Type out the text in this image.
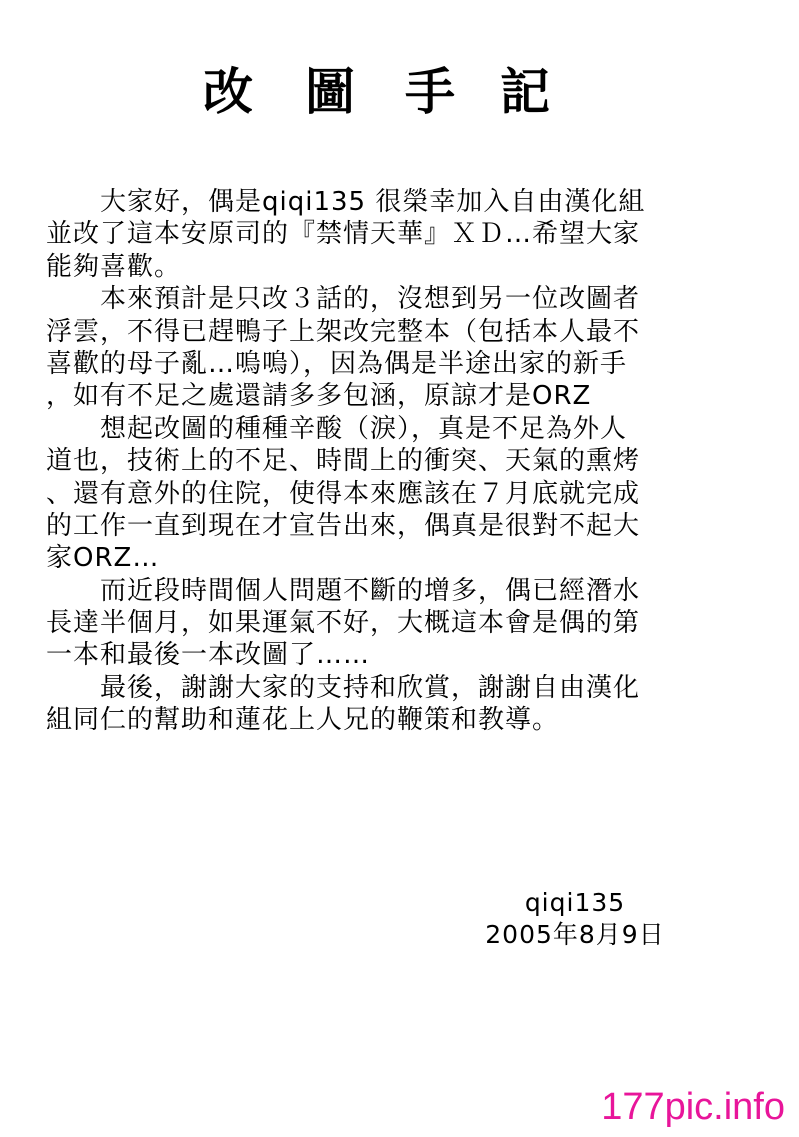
改 圖 手 記
　　大家好，偶是qiqi135 很榮幸加入自由漢化組
並改了這本安原司的『禁情天華』ＸＤ…希望大家
能夠喜歡。
　　本來預計是只改３話的，沒想到另一位改圖者
浮雲，不得已趕鴨子上架改完整本（包括本人最不
喜歡的母子亂…嗚嗚），因為偶是半途出家的新手
，如有不足之處還請多多包涵，原諒才是ORZ
　　想起改圖的種種辛酸（淚），真是不足為外人
道也，技術上的不足、時間上的衝突、天氣的熏烤
、還有意外的住院，使得本來應該在７月底就完成
的工作一直到現在才宣告出來，偶真是很對不起大
家ORZ…
　　而近段時間個人問題不斷的增多，偶已經潛水
長達半個月，如果運氣不好，大概這本會是偶的第
一本和最後一本改圖了……
　　最後，謝謝大家的支持和欣賞，謝謝自由漢化
組同仁的幫助和蓮花上人兄的鞭策和教導。
qiqi135
2005年8月9日
177pic.info
